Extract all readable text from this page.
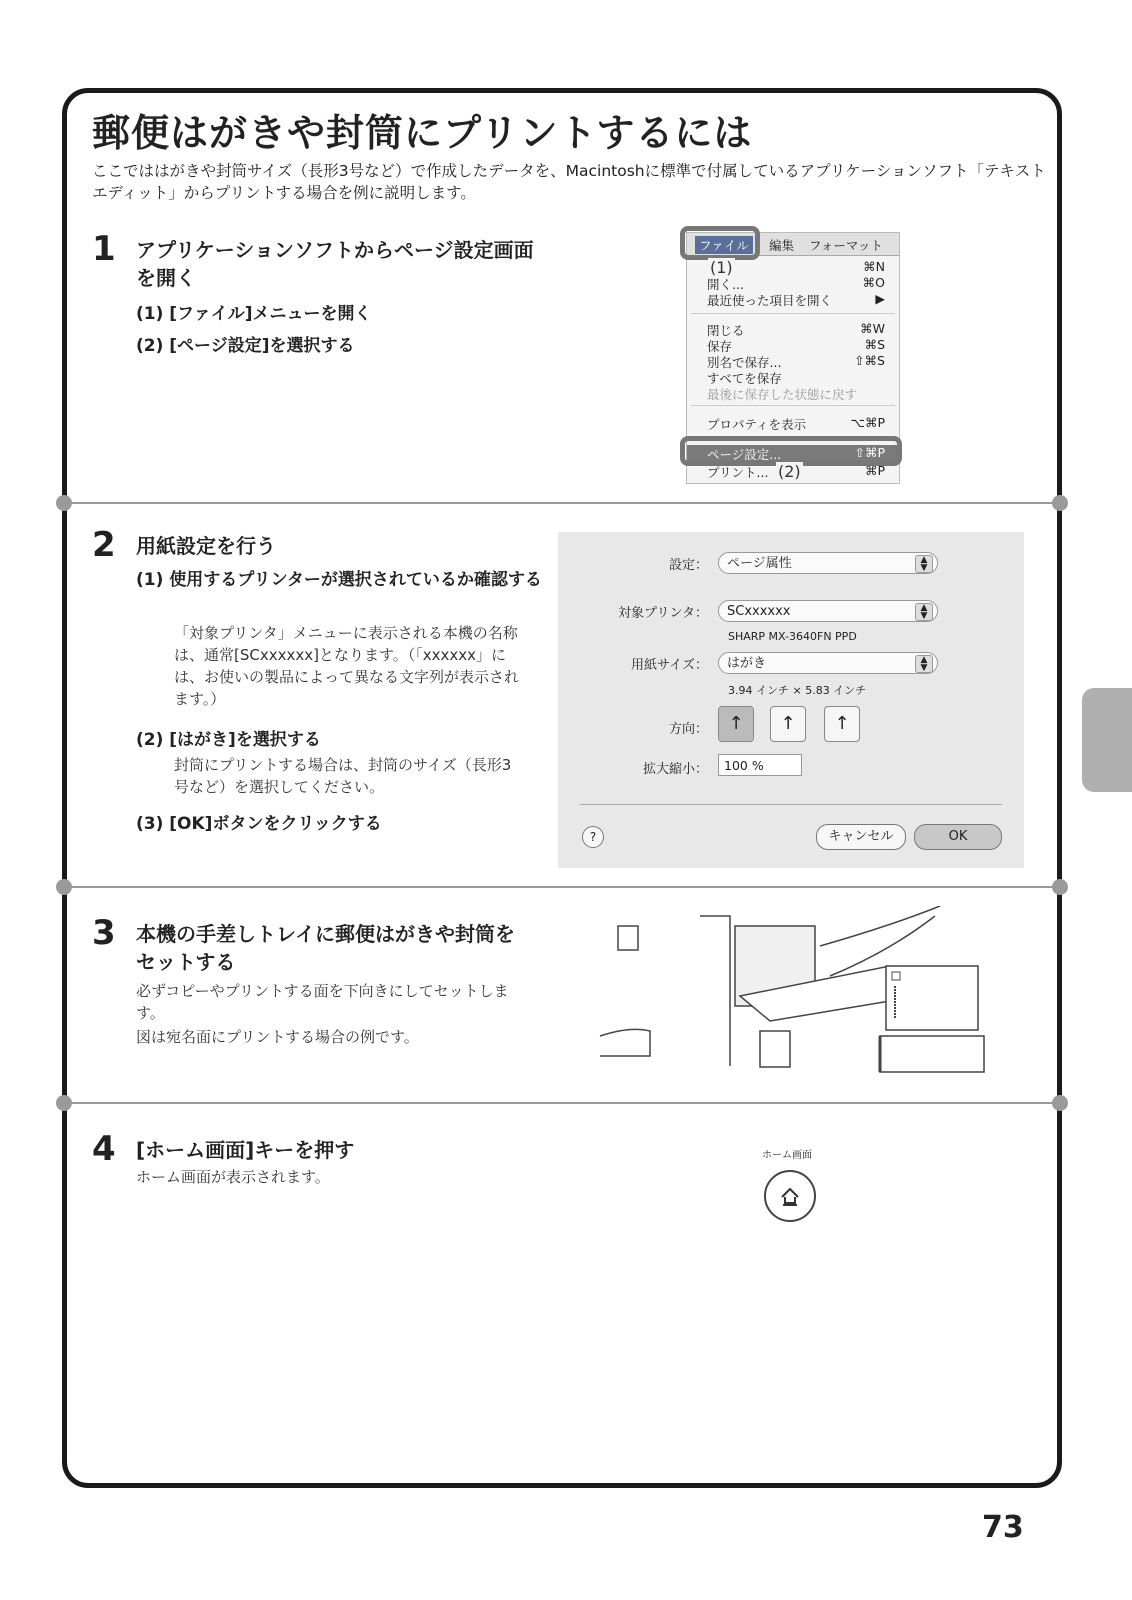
郵便はがきや封筒にプリントするには

ここでははがきや封筒サイズ（長形3号など）で作成したデータを、Macintoshに標準で付属しているアプリケーションソフト「テキストエディット」からプリントする場合を例に説明します。

1 アプリケーションソフトからページ設定画面を開く
(1) [ファイル]メニューを開く
(2) [ページ設定]を選択する
ファイル	編集 フォーマット
⌘N
開く...	⌘O
最近使った項目を開く	▶
閉じる	⌘W
保存	⌘S
別名で保存...	⇧⌘S
すべてを保存
最後に保存した状態に戻す
プロパティを表示	⌥⌘P
ページ設定...	⇧⌘P
プリント...	⌘P
(1)
(2)
2 用紙設定を行う
(1) 使用するプリンターが選択されているか確認する
「対象プリンタ」メニューに表示される本機の名称は、通常[SCxxxxxx]となります。（「xxxxxx」には、お使いの製品によって異なる文字列が表示されます。）
(2) [はがき]を選択する
封筒にプリントする場合は、封筒のサイズ（長形3号など）を選択してください。
(3) [OK]ボタンをクリックする
設定：	ページ属性	▲
▼
対象プリンタ：	SCxxxxxx	▲
▼
SHARP MX-3640FN PPD
用紙サイズ：	はがき	▲
▼
3.94 インチ × 5.83 インチ
方向：	↑	↑	↑
拡大縮小：	100 %
?	キャンセル	OK
3 本機の手差しトレイに郵便はがきや封筒をセットする
必ずコピーやプリントする面を下向きにしてセットします。
図は宛名面にプリントする場合の例です。
4 [ホーム画面]キーを押す
ホーム画面が表示されます。
ホーム画面
73
